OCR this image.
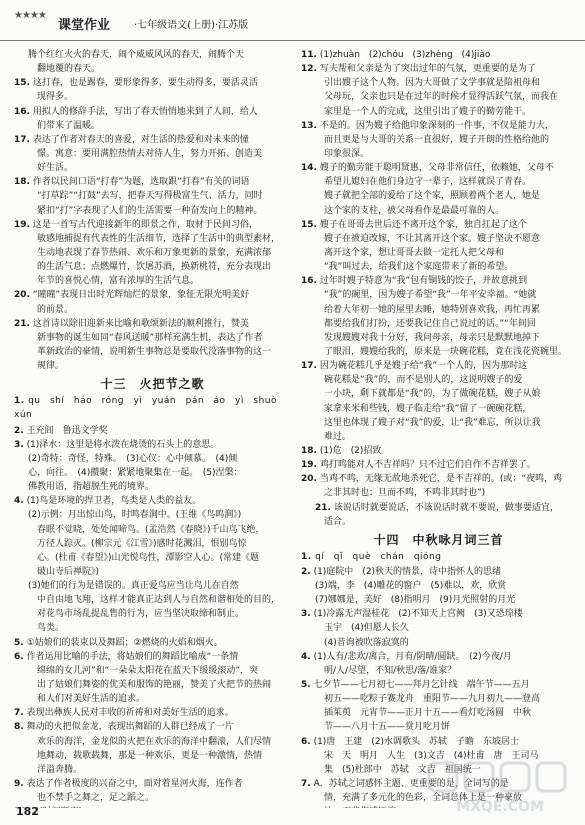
★★★★
课堂作业 ·七年级语文(上册)·江苏版
腾个红红火火的春天，闹个威威风风的春天，闹腾个天
　翻地覆的春天。
15. 这打春，也是踢春，要形象得多，要生动得多，要活灵活
　现得多。
16. 用拟人的修辞手法，写出了春天悄悄地来到了人间，给人
　们带来了温暖。
17. 表达了作者对春天的喜爱，对生活的热爱和对未来的憧
　憬。寓意：要用满腔热情去对待人生，努力开拓、创造美
　好生活。
18. 作者以民间口语“打春”为题，选取跟“打春”有关的词语
　“打草踪”“打鼓”去写，把春天写得极富生气、活力，同时
　紧扣“打”字表现了人们的生活需要一种奋发向上的精神。
19. 这是一首写古代迎接新年的即景之作，取材于民间习俗，
　敏感地捕捉有代表性的生活细节，选择了生活中的典型素材，
　生动地表现了春节热闹、欢乐和万象更新的景象，充满浓郁
　的生活气息；点燃爆竹，饮屠苏酒，换新桃符，充分表现出
　年节的喜悦心情，富有浓厚的生活气息。
20. “曈曈”表现日出时光辉灿烂的景象，象征无限光明美好
　的前景。
21. 这首诗以除旧迎新来比喻和歌颂新法的顺利推行，赞美
　新事物的诞生如同“春风送暖”那样充满生机，表达了作者
　革新政治的豪情，说明新生事物总是要取代没落事物的这一
　规律。
十三　火把节之歌
1. qu　shí　háo　róng　yì　yuán　pán　áo　yì　shuò
xún
2. 王充闾　鲁迅文学奖
3. (1)泽水：这里是将水泼在烧烫的石头上的意思。
(2)奇特：奇怪，特殊。　(3)心仪：心中倾慕。　(4)倾
心，向往。　(4)攒聚：紧紧地聚集在一起。　(5)涅槃：
佛教用语，指超脱生死的境界。
4. (1)鸟是环境的捍卫者，鸟类是人类的益友。
(2)示例：月出惊山鸟，时鸣春涧中。(王维《鸟鸣涧》)
　春眠不觉晓，处处闻啼鸟。(孟浩然《春晓》)千山鸟飞绝，
　万径人踪灭。(柳宗元《江雪》)感时花溅泪，恨别鸟惊
　心。(杜甫《春望》)山光悦鸟性，潭影空人心。(常建《题
　破山寺后禅院》)
(3)她们的行为是错误的。真正爱鸟应当让鸟儿在自然
　中自由地飞翔，这样才能真正达到人与自然和谐相处的目的，
　对花鸟市场乱捉乱售的行为，应当坚决取缔和制止。
　鸟类。
5. ①姑娘们的装束以及舞蹈；②燃烧的火焰和烟火。
6. 作者运用比喻的手法，将姑娘们的舞蹈比喻成“一条情
　绵绵的女儿河”和“一朵朵太阳花在蓝天下缓缓滚动”，突
　出了姑娘们舞姿的优美和服饰的艳丽，赞美了火把节的热闹
　和人们对美好生活的追求。
7. 表现出彝族人民对丰收的祈祷和对美好生活的追求。
8. 舞动的火把似金龙，表现出舞蹈的人群已经成了一片
　欢乐的海洋，金龙似的火把在欢乐的海洋中翻滚，人们尽情
　地舞动，载歌载舞，那是一种欢乐，更是一种激情，热情
　洋溢奔腾。
9. 表达了作者极度的兴奋之中，面对着星河火海，连作者
　也不禁手之舞之，足之蹈之。
11. (1)zhuàn　(2)chóu　(3)zhèng　(4)jiào
12. 写夫帮和父亲是为了突出过年的气氛，更重要的是为了
　引出嫂子这个人物。因为大哥做了文学事就是陪祖母和
　父母玩，父亲也只是在过年的时候才显得活跃气氛，而我在
　家里是一个人的完成，这里引出了嫂子的勤劳能干。
13. 不是的。因为嫂子给他印象深刻的一件事，不仅是能力大，
　而且更是与大哥的关系一直很好，嫂子开朗的性格给他的
　印象很深。
14. 嫂子的勤劳能干聪明贤惠，父母非常信任，依赖她，父母不
　希望儿媳妇在他们身边守一辈子，这样就误了青春。
　嫂子就把全部的爱给了这个家，照顾着两个老人，她是
　这个家的支柱，被父母看作是最最可靠的人。
15. 嫂子在哥哥去世后还不离开这个家，独自扛起了这个
　嫂子在被迫改嫁，不让其离开这个家。嫂子坚决不愿意
　离开这个家，想让哥哥去做一定托人把父母和
　“我”叫过去，给我们这个家庭带来了新的希望。
16. 过年时嫂子特意为“我”包有铜钱的饺子，并故意挑到
　“我”的碗里，因为嫂子希望“我”一年平安幸福。“她就
　给着大年初一她的屋里去睡，她特别喜欢我，再忙再累
　都要给我们打扮，还要我记住自己说过的话。”“年间回
　发现嫂嫂对我十分好，我问母亲，母亲只是默默地掉下
　了眼泪，嫂嫂给我的，原来是一块碗花糕，竟在浅花瓷碗里。
17. 因为碗花糕几乎是嫂子给“我”一个人的，因为那时这
　碗花糕是“我”的，而不是别人的，这说明嫂子的爱
　一小块，剩下就都是“我”的，为了做碗花糕，嫂子从娘
　家拿来米和些钱，嫂子临走给“我”留了一碗碗花糕，
　这里也体现了嫂子对“我”的爱，让“我”难忘，所以让我
　难过。
18. (1)危　(2)招致
19. 鸡打鸣能对人不吉祥吗？只不过它们自作不吉祥罢了。
20. 当鸡不鸣，无缘无故地杀死它，是不吉祥的。(或：“夜鸣，鸡
　之非其时也；旦而不鸣，不鸣非其时也”)
21. 该说话时就要说话，不该说话时就不要说，做事要适宜，
　适合。
十四　中秋咏月词三首
1. qí　qǐ　què　chán　qióng
2. (1)庭院中　(2)秋天的情景，诗中指怀人的思绪
(3)端，李　(4)雕花的窗户　(5)难以，欢，欣赏
(7)娜娜是，美好　(8)指明月　(9)月光照射的月光
3. (1)冷露无声湿桂花　(2)不知天上宫阙　(3)又恐琼楼
　玉宇　(4)但愿人长久
　(4)昔询被吹落寂寞的
4. (1)人有/悲欢/离合，月有/阴晴/圆缺。　(2)今夜/月
　明/人/尽望，不知/秋思/落/谁家？
5. 七夕节——七月初七——拜月乞针线　端午节——五月
　初五——吃粽子赛龙舟　重阳节——九月初九——登高
　插茱萸　元宵节——正月十五——看灯吃汤圆　中秋
　节——八月十五——赏月吃月饼
6. (1)唐　王建　(2)水调歌头　苏轼　子瞻　东坡居士
　宋　天　明月　人生　(3)文吉　(4)杜甫　唐　王司马
　集　(5)杜郎中　苏轼　文吉　祖国统一
7. A．苏轼之词感怀主题、更重要的是，全词写的是
　情，充满了多元化的色彩，全词总体上是一种豪放
182	MXQE.COM
